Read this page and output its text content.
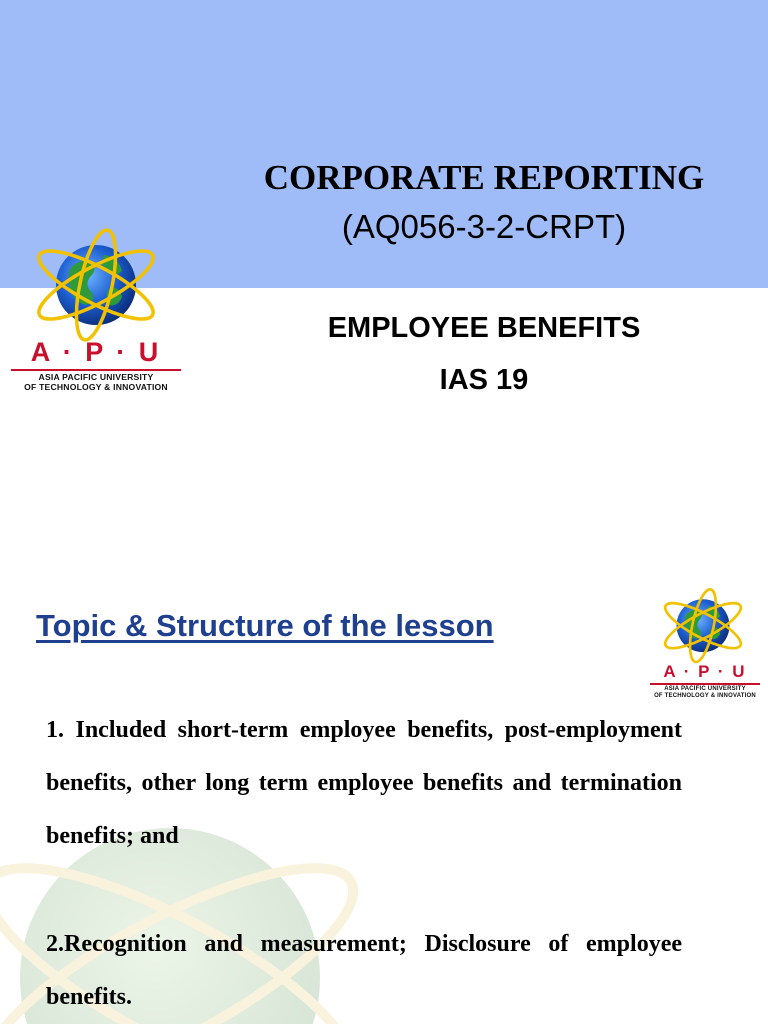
CORPORATE REPORTING
(AQ056-3-2-CRPT)
EMPLOYEE BENEFITS
IAS 19
A · P · U
ASIA PACIFIC UNIVERSITY
OF TECHNOLOGY & INNOVATION
Topic & Structure of the lesson
A · P · U
ASIA PACIFIC UNIVERSITY
OF TECHNOLOGY & INNOVATION

1. Included short-term employee benefits, post-employment benefits, other long term employee benefits and termination benefits; and

2.Recognition and measurement; Disclosure of employee benefits.
